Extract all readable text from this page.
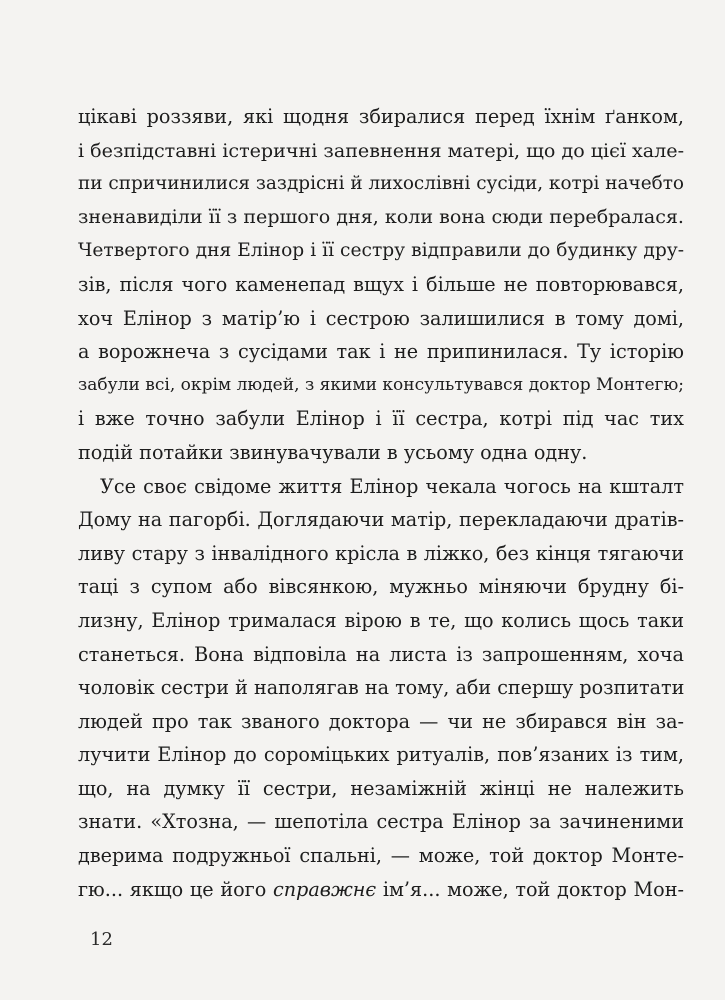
цікаві роззяви, які щодня збиралися перед їхнім ґанком,
і безпідставні істеричні запевнення матері, що до цієї халe-
пи спричинилися заздрісні й лихослівні сусіди, котрі начебто
зненавиділи її з першого дня, коли вона сюди перебралася.
Четвертого дня Елінор і її сестру відправили до будинку дру-
зів, після чого каменепад вщух і більше не повторювався,
хоч Елінор з матір’ю і сестрою залишилися в тому домі,
а ворожнеча з сусідами так і не припинилася. Ту історію
забули всі, окрім людей, з якими консультувався доктор Монтегю;
і вже точно забули Елінор і її сестра, котрі під час тих
подій потайки звинувачували в усьому одна одну.
Усе своє свідоме життя Елінор чекала чогось на кшталт
Дому на пагорбі. Доглядаючи матір, перекладаючи дратів-
ливу стару з інвалідного крісла в ліжко, без кінця тягаючи
таці з супом або вівсянкою, мужньо міняючи брудну бі-
лизну, Елінор трималася вірою в те, що колись щось таки
станеться. Вона відповіла на листа із запрошенням, хоча
чоловік сестри й наполягав на тому, аби спершу розпитати
людей про так званого доктора — чи не збирався він за-
лучити Елінор до сороміцьких ритуалів, пов’язаних із тим,
що, на думку її сестри, незаміжній жінці не належить
знати. «Хтозна, — шепотіла сестра Елінор за зачиненими
дверима подружньої спальні, — може, той доктор Монте-
гю... якщо це його справжнє ім’я... може, той доктор Мон-
12
